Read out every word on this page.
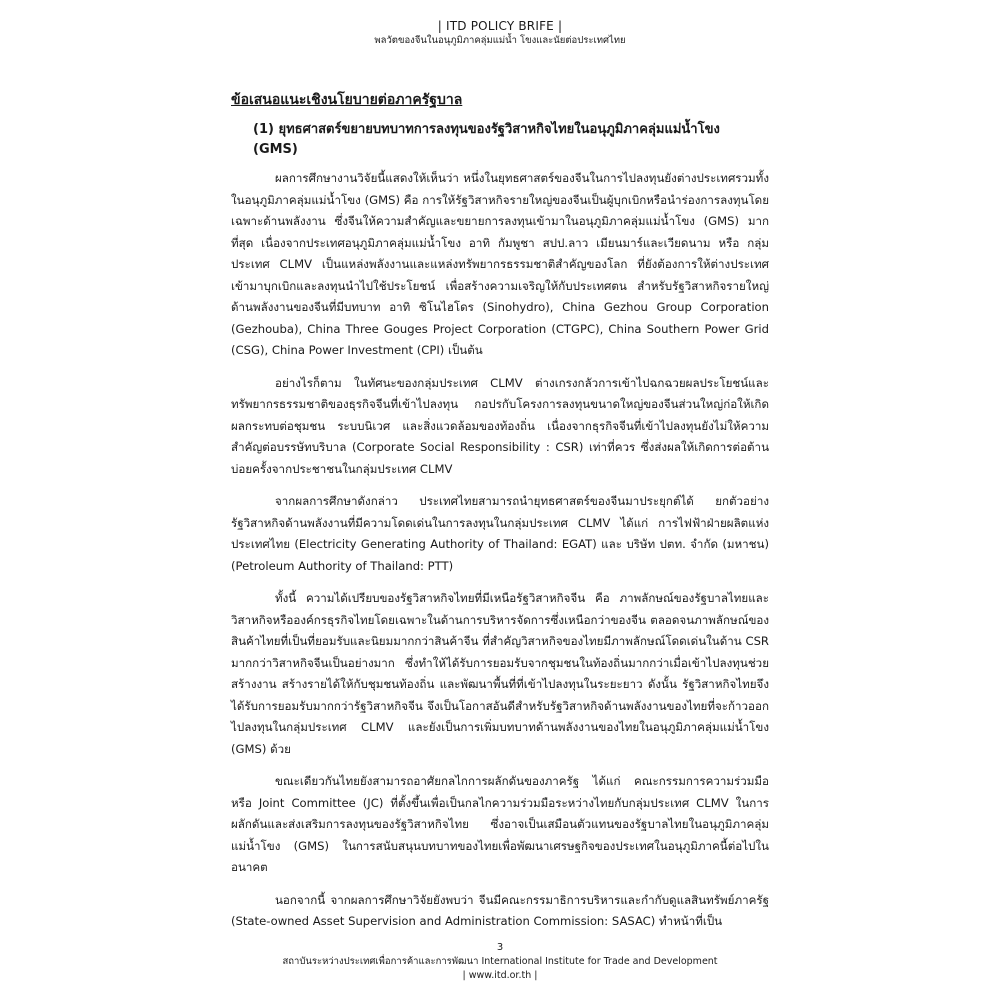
| ITD POLICY BRIFE |
พลวัตของจีนในอนุภูมิภาคลุ่มแม่น้ำ โขงและนัยต่อประเทศไทย
ข้อเสนอแนะเชิงนโยบายต่อภาครัฐบาล
(1) ยุทธศาสตร์ขยายบทบาทการลงทุนของรัฐวิสาหกิจไทยในอนุภูมิภาคลุ่มแม่น้ำโขง (GMS)

ผลการศึกษางานวิจัยนี้แสดงให้เห็นว่า หนึ่งในยุทธศาสตร์ของจีนในการไปลงทุนยังต่างประเทศรวมทั้งในอนุภูมิภาคลุ่มแม่น้ำโขง (GMS) คือ การให้รัฐวิสาหกิจรายใหญ่ของจีนเป็นผู้บุกเบิกหรือนำร่องการลงทุนโดยเฉพาะด้านพลังงาน ซึ่งจีนให้ความสำคัญและขยายการลงทุนเข้ามาในอนุภูมิภาคลุ่มแม่น้ำโขง (GMS) มากที่สุด เนื่องจากประเทศอนุภูมิภาคลุ่มแม่น้ำโขง อาทิ กัมพูชา สปป.ลาว เมียนมาร์และเวียดนาม หรือ กลุ่มประเทศ CLMV เป็นแหล่งพลังงานและแหล่งทรัพยากรธรรมชาติสำคัญของโลก ที่ยังต้องการให้ต่างประเทศเข้ามาบุกเบิกและลงทุนนำไปใช้ประโยชน์ เพื่อสร้างความเจริญให้กับประเทศตน สำหรับรัฐวิสาหกิจรายใหญ่ด้านพลังงานของจีนที่มีบทบาท อาทิ ซิโนไฮโดร (Sinohydro), China Gezhou Group Corporation (Gezhouba), China Three Gouges Project Corporation (CTGPC), China Southern Power Grid (CSG), China Power Investment (CPI) เป็นต้น

อย่างไรก็ตาม ในทัศนะของกลุ่มประเทศ CLMV ต่างเกรงกลัวการเข้าไปฉกฉวยผลประโยชน์และทรัพยากรธรรมชาติของธุรกิจจีนที่เข้าไปลงทุน กอปรกับโครงการลงทุนขนาดใหญ่ของจีนส่วนใหญ่ก่อให้เกิดผลกระทบต่อชุมชน ระบบนิเวศ และสิ่งแวดล้อมของท้องถิ่น เนื่องจากธุรกิจจีนที่เข้าไปลงทุนยังไม่ให้ความสำคัญต่อบรรษัทบริบาล (Corporate Social Responsibility : CSR) เท่าที่ควร ซึ่งส่งผลให้เกิดการต่อต้านบ่อยครั้งจากประชาชนในกลุ่มประเทศ CLMV

จากผลการศึกษาดังกล่าว ประเทศไทยสามารถนำยุทธศาสตร์ของจีนมาประยุกต์ได้ ยกตัวอย่างรัฐวิสาหกิจด้านพลังงานที่มีความโดดเด่นในการลงทุนในกลุ่มประเทศ CLMV ได้แก่ การไฟฟ้าฝ่ายผลิตแห่งประเทศไทย (Electricity Generating Authority of Thailand: EGAT) และ บริษัท ปตท. จำกัด (มหาชน) (Petroleum Authority of Thailand: PTT)

ทั้งนี้ ความได้เปรียบของรัฐวิสาหกิจไทยที่มีเหนือรัฐวิสาหกิจจีน คือ ภาพลักษณ์ของรัฐบาลไทยและวิสาหกิจหรือองค์กรธุรกิจไทยโดยเฉพาะในด้านการบริหารจัดการซึ่งเหนือกว่าของจีน ตลอดจนภาพลักษณ์ของสินค้าไทยที่เป็นที่ยอมรับและนิยมมากกว่าสินค้าจีน ที่สำคัญวิสาหกิจของไทยมีภาพลักษณ์โดดเด่นในด้าน CSR มากกว่าวิสาหกิจจีนเป็นอย่างมาก ซึ่งทำให้ได้รับการยอมรับจากชุมชนในท้องถิ่นมากกว่าเมื่อเข้าไปลงทุนช่วยสร้างงาน สร้างรายได้ให้กับชุมชนท้องถิ่น และพัฒนาพื้นที่ที่เข้าไปลงทุนในระยะยาว ดังนั้น รัฐวิสาหกิจไทยจึงได้รับการยอมรับมากกว่ารัฐวิสาหกิจจีน จึงเป็นโอกาสอันดีสำหรับรัฐวิสาหกิจด้านพลังงานของไทยที่จะก้าวออกไปลงทุนในกลุ่มประเทศ CLMV และยังเป็นการเพิ่มบทบาทด้านพลังงานของไทยในอนุภูมิภาคลุ่มแม่น้ำโขง (GMS) ด้วย

ขณะเดียวกันไทยยังสามารถอาศัยกลไกการผลักดันของภาครัฐ ได้แก่ คณะกรรมการความร่วมมือ หรือ Joint Committee (JC) ที่ตั้งขึ้นเพื่อเป็นกลไกความร่วมมือระหว่างไทยกับกลุ่มประเทศ CLMV ในการผลักดันและส่งเสริมการลงทุนของรัฐวิสาหกิจไทย ซึ่งอาจเป็นเสมือนตัวแทนของรัฐบาลไทยในอนุภูมิภาคลุ่มแม่น้ำโขง (GMS) ในการสนับสนุนบทบาทของไทยเพื่อพัฒนาเศรษฐกิจของประเทศในอนุภูมิภาคนี้ต่อไปในอนาคต

นอกจากนี้ จากผลการศึกษาวิจัยยังพบว่า จีนมีคณะกรรมาธิการบริหารและกำกับดูแลสินทรัพย์ภาครัฐ (State-owned Asset Supervision and Administration Commission: SASAC) ทำหน้าที่เป็น

3
สถาบันระหว่างประเทศเพื่อการค้าและการพัฒนา International Institute for Trade and Development
| www.itd.or.th |
